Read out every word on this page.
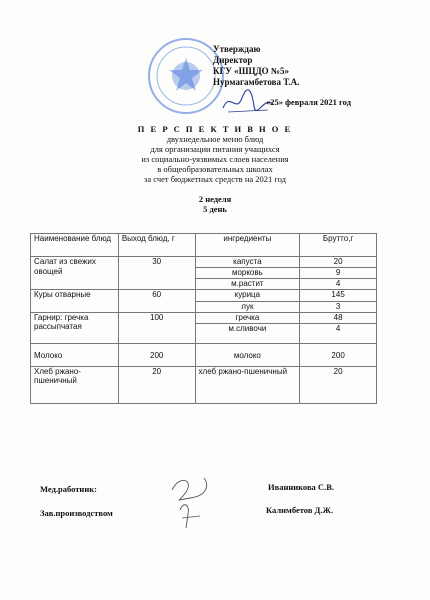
Утверждаю
Директор
КГУ «ШЦДО №5»
Нурмагамбетова Т.А.
«25» февраля 2021 год
П Е Р С П Е К Т И В Н О Е
двухнедельное меню блюд
для организации питания учащихся
из социально-уязвимых слоев населения
в общеобразовательных школах
за счет бюджетных средств на 2021 год
2 неделя
5 день
Наименование блюд	Выход блюд, г	ингредиенты	Брутто,г
Салат из свежих овощей	30	капуста	20
		морковь	9
		м.растит	4
Куры отварные	60	курица	145
		лук	3
Гарнир: гречка рассыпчатая	100	гречка	48
		м.сливочи	4
Молоко	200	молоко	200
Хлеб ржано-пшеничный	20	хлеб ржано-пшеничный	20
Мед.работник:	Иванникова С.В.
Зав.производством	Калимбетов Д.Ж.
